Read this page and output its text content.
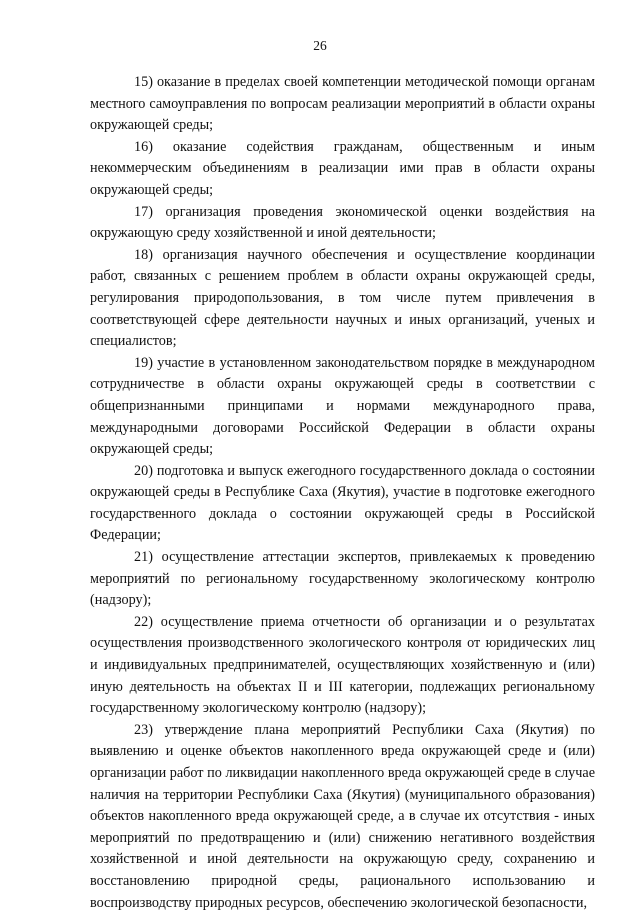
26

15) оказание в пределах своей компетенции методической помощи органам местного самоуправления по вопросам реализации мероприятий в области охраны окружающей среды;

16) оказание содействия гражданам, общественным и иным некоммерческим объединениям в реализации ими прав в области охраны окружающей среды;

17) организация проведения экономической оценки воздействия на окружающую среду хозяйственной и иной деятельности;

18) организация научного обеспечения и осуществление координации работ, связанных с решением проблем в области охраны окружающей среды, регулирования природопользования, в том числе путем привлечения в соответствующей сфере деятельности научных и иных организаций, ученых и специалистов;

19) участие в установленном законодательством порядке в международном сотрудничестве в области охраны окружающей среды в соответствии с общепризнанными принципами и нормами международного права, международными договорами Российской Федерации в области охраны окружающей среды;

20) подготовка и выпуск ежегодного государственного доклада о состоянии окружающей среды в Республике Саха (Якутия), участие в подготовке ежегодного государственного доклада о состоянии окружающей среды в Российской Федерации;

21) осуществление аттестации экспертов, привлекаемых к проведению мероприятий по региональному государственному экологическому контролю (надзору);

22) осуществление приема отчетности об организации и о результатах осуществления производственного экологического контроля от юридических лиц и индивидуальных предпринимателей, осуществляющих хозяйственную и (или) иную деятельность на объектах II и III категории, подлежащих региональному государственному экологическому контролю (надзору);

23) утверждение плана мероприятий Республики Саха (Якутия) по выявлению и оценке объектов накопленного вреда окружающей среде и (или) организации работ по ликвидации накопленного вреда окружающей среде в случае наличия на территории Республики Саха (Якутия) (муниципального образования) объектов накопленного вреда окружающей среде, а в случае их отсутствия - иных мероприятий по предотвращению и (или) снижению негативного воздействия хозяйственной и иной деятельности на окружающую среду, сохранению и восстановлению природной среды, рационального использованию и воспроизводству природных ресурсов, обеспечению экологической безопасности,
